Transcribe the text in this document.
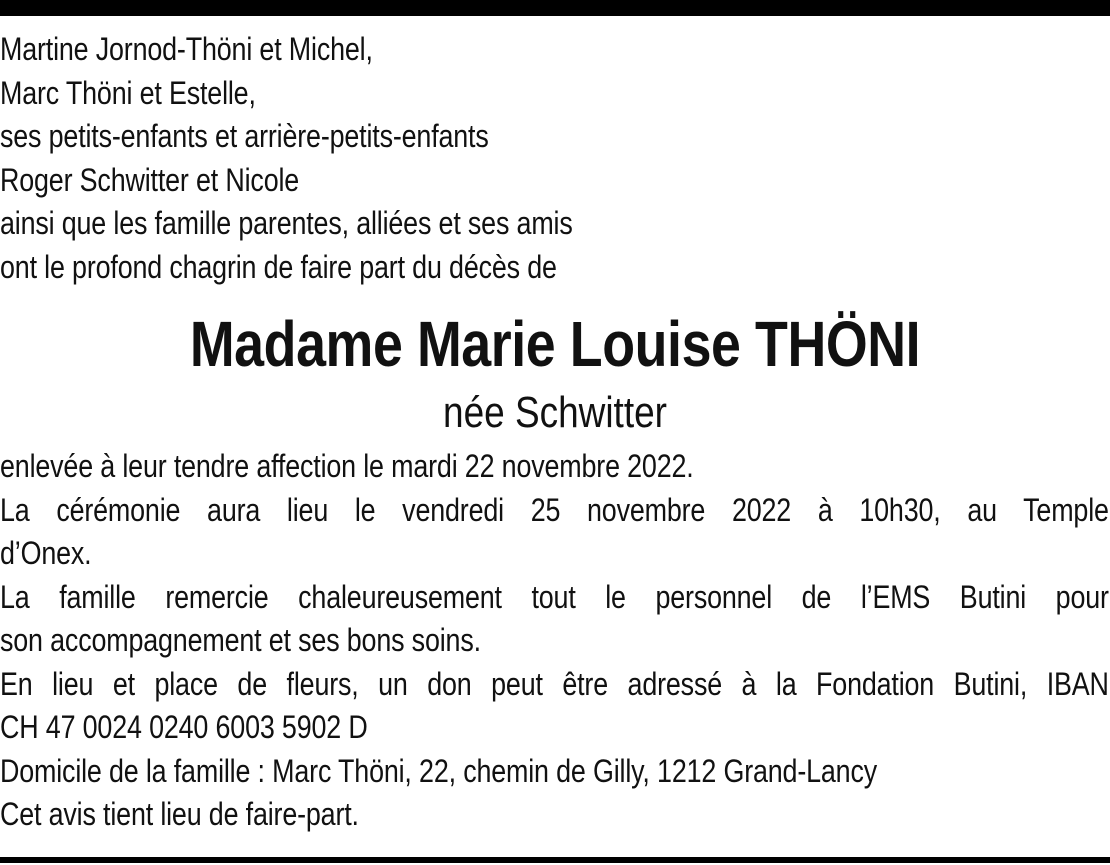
Martine Jornod-Thöni et Michel,
Marc Thöni et Estelle,
ses petits-enfants et arrière-petits-enfants
Roger Schwitter et Nicole
ainsi que les famille parentes, alliées et ses amis
ont le profond chagrin de faire part du décès de
Madame Marie Louise THÖNI
née Schwitter
enlevée à leur tendre affection le mardi 22 novembre 2022.
La cérémonie aura lieu le vendredi 25 novembre 2022 à 10h30, au Temple
d’Onex.
La famille remercie chaleureusement tout le personnel de l’EMS Butini pour
son accompagnement et ses bons soins.
En lieu et place de fleurs, un don peut être adressé à la Fondation Butini, IBAN
CH 47 0024 0240 6003 5902 D
Domicile de la famille : Marc Thöni, 22, chemin de Gilly, 1212 Grand-Lancy
Cet avis tient lieu de faire-part.
